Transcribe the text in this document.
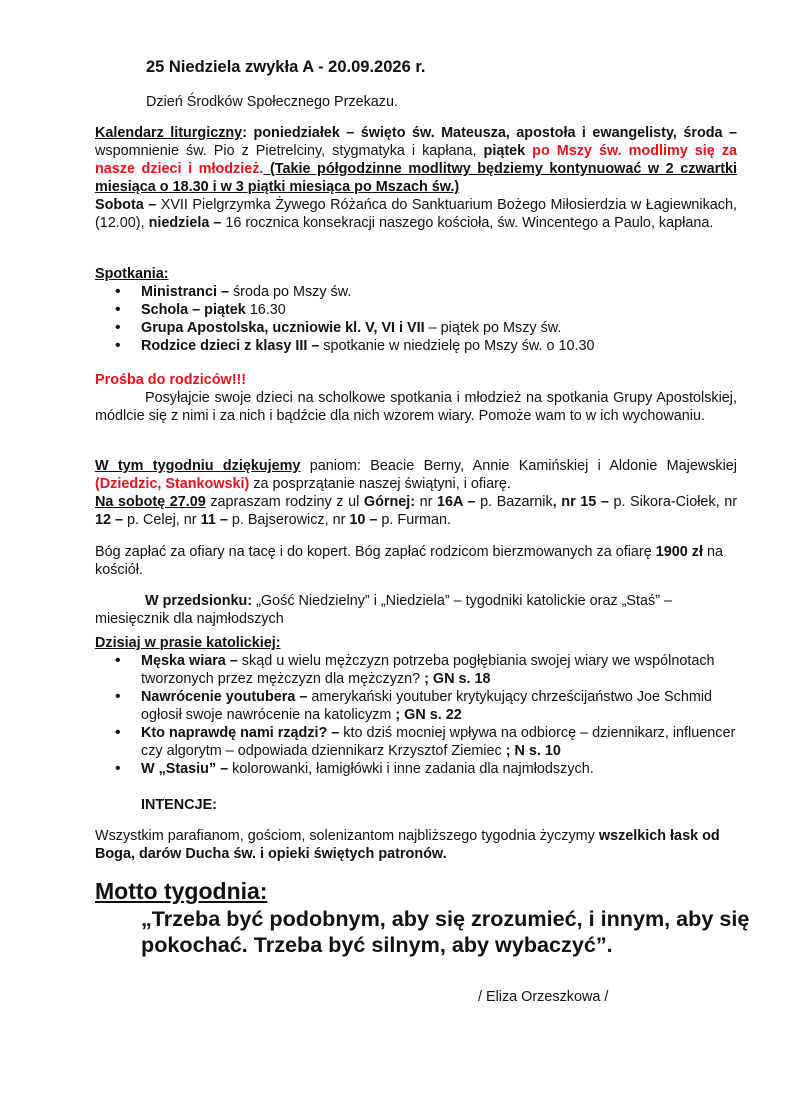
25 Niedziela zwykła A - 20.09.2026 r.
Dzień Środków Społecznego Przekazu.
Kalendarz liturgiczny: poniedziałek – święto św. Mateusza, apostoła i ewangelisty, środa – wspomnienie św. Pio z Pietrelciny, stygmatyka i kapłana, piątek po Mszy św. modlimy się za nasze dzieci i młodzież. (Takie półgodzinne modlitwy będziemy kontynuować w 2 czwartki miesiąca o 18.30 i w 3 piątki miesiąca po Mszach św.)
Sobota – XVII Pielgrzymka Żywego Różańca do Sanktuarium Bożego Miłosierdzia w Łagiewnikach, (12.00), niedziela – 16 rocznica konsekracji naszego kościoła, św. Wincentego a Paulo, kapłana.
Spotkania:
• Ministranci – środa po Mszy św.
• Schola – piątek 16.30
• Grupa Apostolska, uczniowie kl. V, VI i VII – piątek po Mszy św.
• Rodzice dzieci z klasy III – spotkanie w niedzielę po Mszy św. o 10.30
Prośba do rodziców!!!
Posyłajcie swoje dzieci na scholkowe spotkania i młodzież na spotkania Grupy Apostolskiej, módlcie się z nimi i za nich i bądźcie dla nich wzorem wiary. Pomoże wam to w ich wychowaniu.
W tym tygodniu dziękujemy paniom: Beacie Berny, Annie Kamińskiej i Aldonie Majewskiej (Dziedzic, Stankowski) za posprzątanie naszej świątyni, i ofiarę.
Na sobotę 27.09 zapraszam rodziny z ul Górnej: nr 16A – p. Bazarnik, nr 15 – p. Sikora-Ciołek, nr 12 – p. Celej, nr 11 – p. Bajserowicz, nr 10 – p. Furman.
Bóg zapłać za ofiary na tacę i do kopert. Bóg zapłać rodzicom bierzmowanych za ofiarę 1900 zł na kościół.
W przedsionku: „Gość Niedzielny” i „Niedziela” – tygodniki katolickie oraz „Staś” – miesięcznik dla najmłodszych
Dzisiaj w prasie katolickiej:
• Męska wiara – skąd u wielu mężczyzn potrzeba pogłębiania swojej wiary we wspólnotach tworzonych przez mężczyzn dla mężczyzn? ; GN s. 18
• Nawrócenie youtubera – amerykański youtuber krytykujący chrześcijaństwo Joe Schmid ogłosił swoje nawrócenie na katolicyzm ; GN s. 22
• Kto naprawdę nami rządzi? – kto dziś mocniej wpływa na odbiorcę – dziennikarz, influencer czy algorytm – odpowiada dziennikarz Krzysztof Ziemiec ; N s. 10
• W „Stasiu” – kolorowanki, łamigłówki i inne zadania dla najmłodszych.
INTENCJE:
Wszystkim parafianom, gościom, solenizantom najbliższego tygodnia życzymy wszelkich łask od Boga, darów Ducha św. i opieki świętych patronów.
Motto tygodnia:
„Trzeba być podobnym, aby się zrozumieć, i innym, aby się pokochać. Trzeba być silnym, aby wybaczyć”.
/ Eliza Orzeszkowa /
